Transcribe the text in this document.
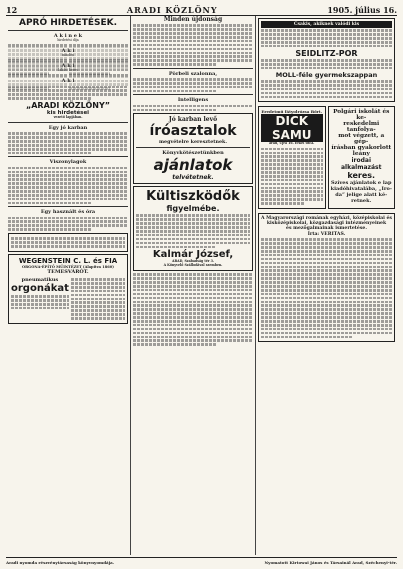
12	ARADI KÖZLÖNY	1905. július 16.
APRÓ HIRDETÉSEK.
A k i n e k
hirdetési díja
A k i
minden
A k i
lakást keres
A k i
„ARADI KÖZLÖNY”
kis hirdetései
vezető lapjában.
Egy jó karban
Viszonylagok
Egy használt és óra
WEGENSTEIN C. L. és FIA
ORGONA-ÉPÍTŐ MŰINTÉZET (Alapítva 1860)
TEMESVÁRÓT.
pneumatikus
orgonákat
Minden újdonság
Pörbeli szalonna,
Intelligens
Jó karban levő
íróasztalok
megvételre keresztetnek.
Könyvkötészetünkben
ajánlatok
telvétetnek.
Kültiszködők
figyelmébe.
Kalmár József,
ARAD, Szabadság tér 3.
A Könyvelő Szállodával szemben.
Csakis, akiknek valódi kis
SEIDLITZ-POR
MOLL-féle gyermekszappan
Eredetmű fátyolrózsa Bőrt.
DICK SAMU
arad, Újra 16. Erkel utca.
Polgári iskolát és ke-
reskedelmi tanfolya-
mot végzett, a gép-
írásban gyakorlott
leány
irodai alkalmazást
keres.
Szíves ajánlatok e lap
kiadóhivatalába, „Iro-
da” jelige alatt ké-
retnek.
A Magyarországi romának egyházi, középiskolai és
kisközépiskolai, közgazdasági intézményeinek
és mezőgalmainak ismertetése.
Írta: VERITAS.
Aradi nyomda részvénytársaság könyvnyomdája.	Nyomatott Kirtowai János és Társainál Arad, Széchenyi-tér.
